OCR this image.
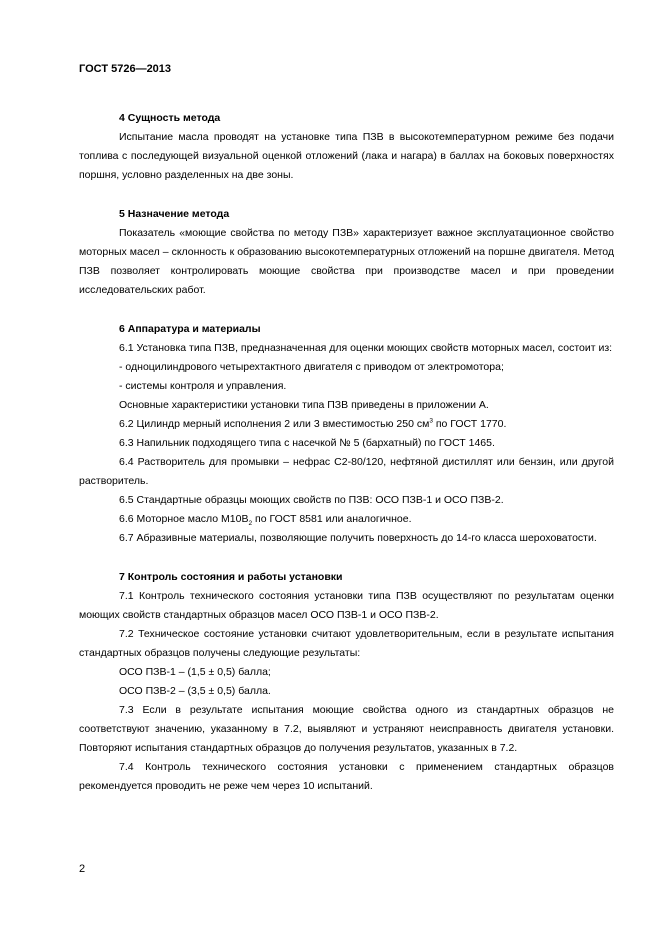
ГОСТ 5726—2013

4 Сущность метода

Испытание масла проводят на установке типа ПЗВ в высокотемпературном режиме без подачи топлива с последующей визуальной оценкой отложений (лака и нагара) в баллах на боковых поверхностях поршня, условно разделенных на две зоны.

5 Назначение метода

Показатель «моющие свойства по методу ПЗВ» характеризует важное эксплуатационное свойство моторных масел – склонность к образованию высокотемпературных отложений на поршне двигателя. Метод ПЗВ позволяет контролировать моющие свойства при производстве масел и при проведении исследовательских работ.

6 Аппаратура и материалы

6.1 Установка типа ПЗВ, предназначенная для оценки моющих свойств моторных масел, состоит из:

- одноцилиндрового четырехтактного двигателя с приводом от электромотора;

- системы контроля и управления.

Основные характеристики установки типа ПЗВ приведены в приложении А.

6.2 Цилиндр мерный исполнения 2 или 3 вместимостью 250 $см^3$ по ГОСТ 1770.

6.3 Напильник подходящего типа с насечкой № 5 (бархатный) по ГОСТ 1465.

6.4 Растворитель для промывки – нефрас С2-80/120, нефтяной дистиллят или бензин, или другой растворитель.

6.5 Стандартные образцы моющих свойств по ПЗВ: ОСО ПЗВ-1 и ОСО ПЗВ-2.

6.6 Моторное масло $М10В_2$ по ГОСТ 8581 или аналогичное.

6.7 Абразивные материалы, позволяющие получить поверхность до 14-го класса шероховатости.

7 Контроль состояния и работы установки

7.1 Контроль технического состояния установки типа ПЗВ осуществляют по результатам оценки моющих свойств стандартных образцов масел ОСО ПЗВ-1 и ОСО ПЗВ-2.

7.2 Техническое состояние установки считают удовлетворительным, если в результате испытания стандартных образцов получены следующие результаты:

ОСО ПЗВ-1 – (1,5 ± 0,5) балла;

ОСО ПЗВ-2 – (3,5 ± 0,5) балла.

7.3 Если в результате испытания моющие свойства одного из стандартных образцов не соответствуют значению, указанному в 7.2, выявляют и устраняют неисправность двигателя установки. Повторяют испытания стандартных образцов до получения результатов, указанных в 7.2.

7.4 Контроль технического состояния установки с применением стандартных образцов рекомендуется проводить не реже чем через 10 испытаний.

2
